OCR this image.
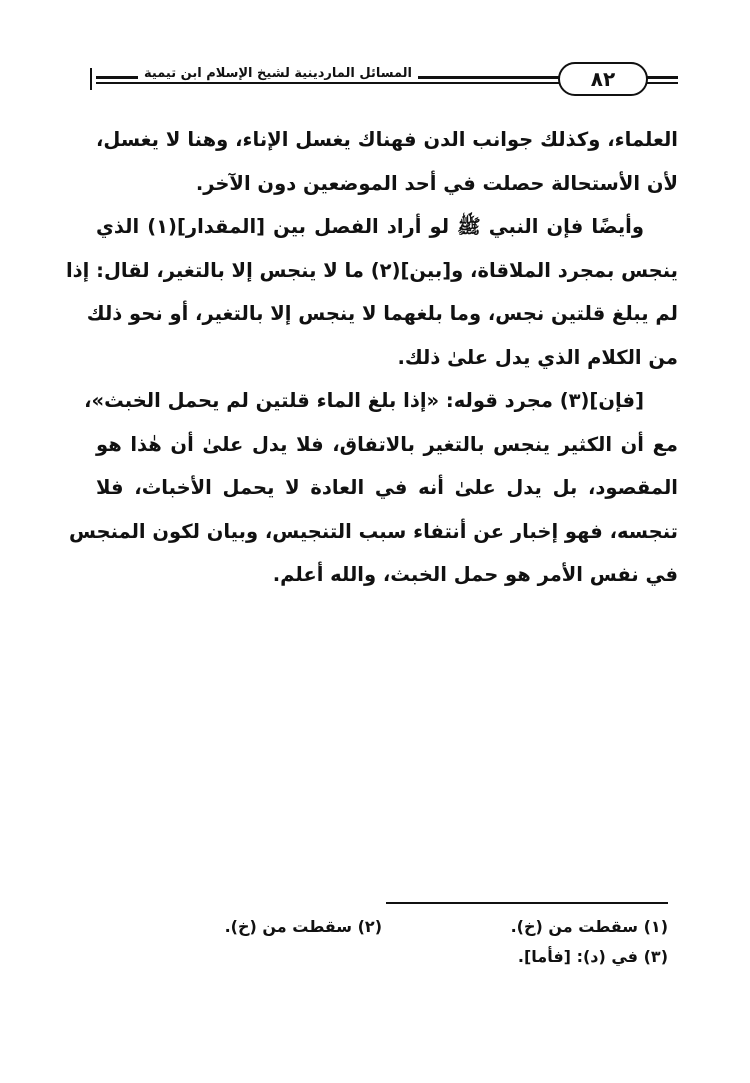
المسائل الماردينية لشيخ الإسلام ابن تيمية	٨٢
العلماء، وكذلك جوانب الدن فهناك يغسل الإناء، وهنا لا يغسل،
لأن الأستحالة حصلت في أحد الموضعين دون الآخر.
وأيضًا فإن النبي ﷺ لو أراد الفصل بين [المقدار](١) الذي
ينجس بمجرد الملاقاة، و[بين](٢) ما لا ينجس إلا بالتغير، لقال: إذا
لم يبلغ قلتين نجس، وما بلغهما لا ينجس إلا بالتغير، أو نحو ذلك
من الكلام الذي يدل علىٰ ذلك.
[فإن](٣) مجرد قوله: «إذا بلغ الماء قلتين لم يحمل الخبث»،
مع أن الكثير ينجس بالتغير بالاتفاق، فلا يدل علىٰ أن هٰذا هو
المقصود، بل يدل علىٰ أنه في العادة لا يحمل الأخباث، فلا
تنجسه، فهو إخبار عن أنتفاء سبب التنجيس، وبيان لكون المنجس
في نفس الأمر هو حمل الخبث، والله أعلم.
(١) سقطت من (خ).
(٢) سقطت من (خ).
(٣) في (د): [فأما].
